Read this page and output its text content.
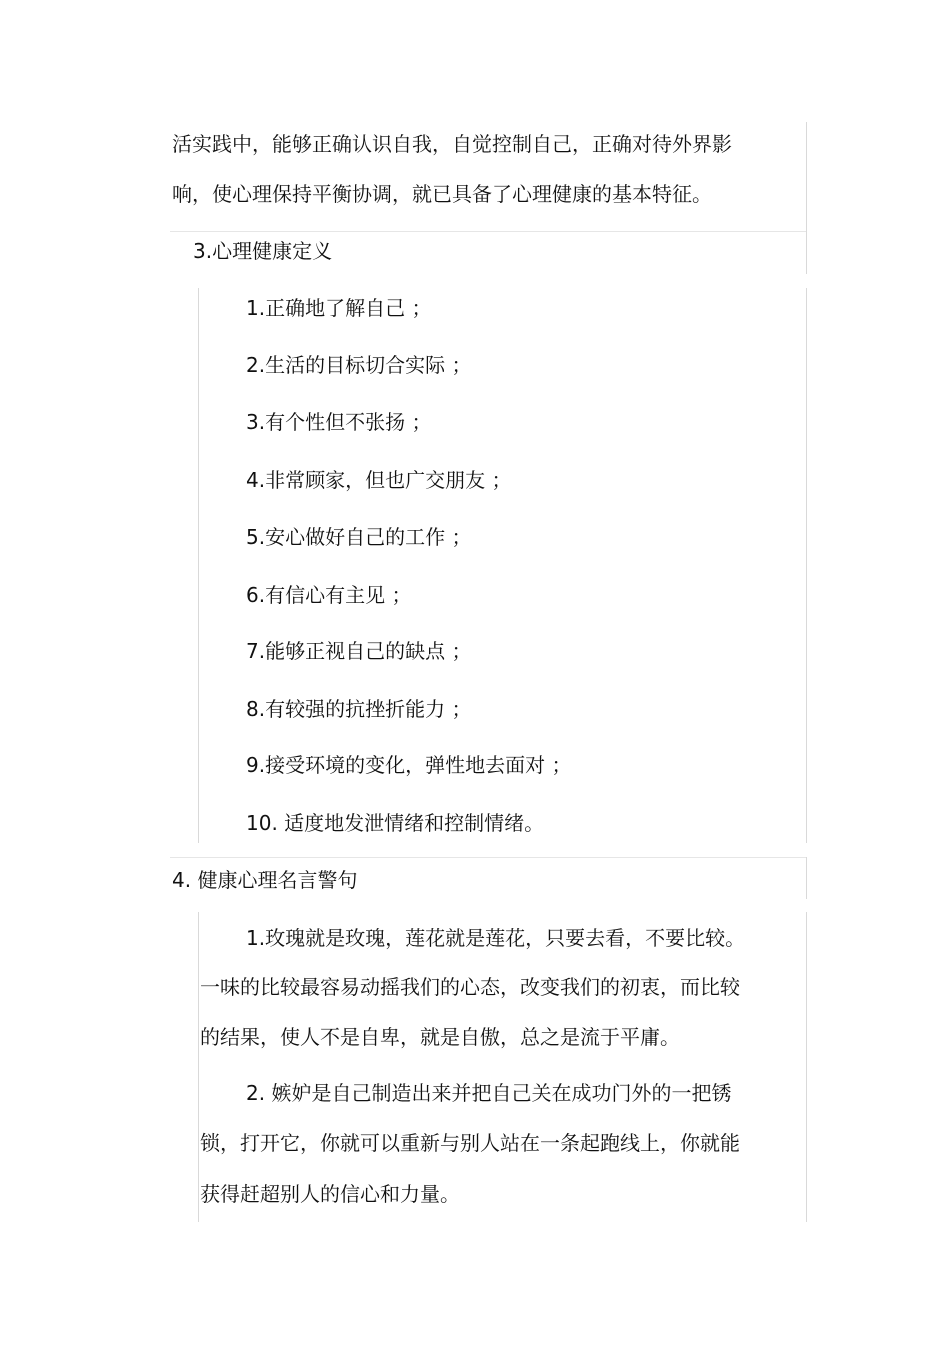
活实践中，能够正确认识自我，自觉控制自己，正确对待外界影
响，使心理保持平衡协调，就已具备了心理健康的基本特征。
3.心理健康定义
1.正确地了解自己 ；
2.生活的目标切合实际 ；
3.有个性但不张扬 ；
4.非常顾家，但也广交朋友 ；
5.安心做好自己的工作 ；
6.有信心有主见 ；
7.能够正视自己的缺点 ；
8.有较强的抗挫折能力 ；
9.接受环境的变化，弹性地去面对 ；
10. 适度地发泄情绪和控制情绪。
4. 健康心理名言警句
1.玫瑰就是玫瑰，莲花就是莲花，只要去看，不要比较。
一味的比较最容易动摇我们的心态，改变我们的初衷，而比较
的结果，使人不是自卑，就是自傲，总之是流于平庸。
2. 嫉妒是自己制造出来并把自己关在成功门外的一把锈
锁，打开它，你就可以重新与别人站在一条起跑线上，你就能
获得赶超别人的信心和力量。
